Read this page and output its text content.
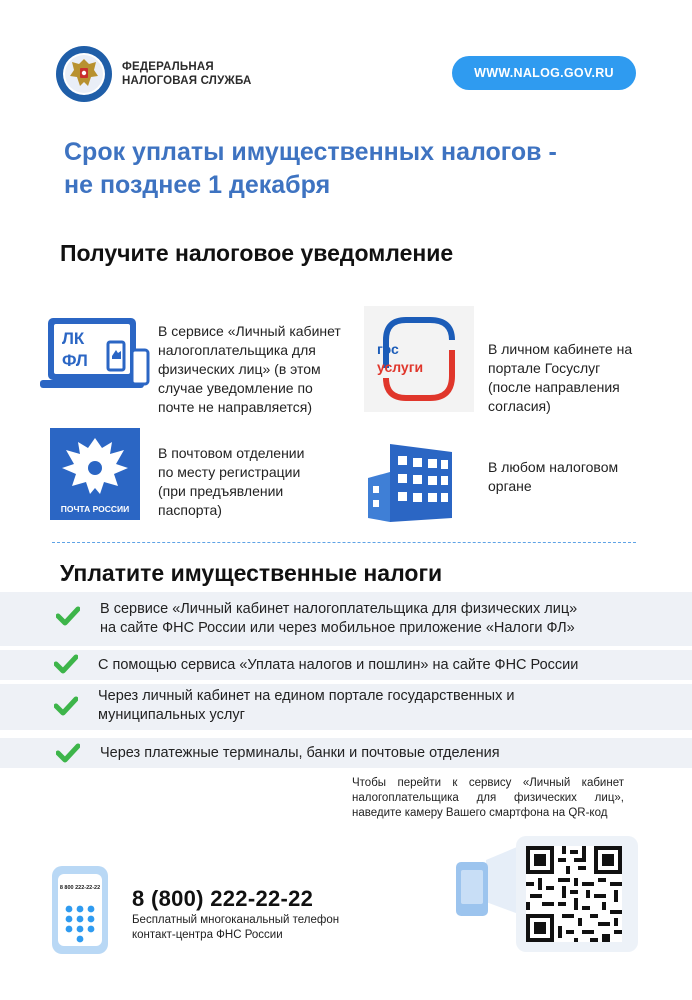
ФЕДЕРАЛЬНАЯ
НАЛОГОВАЯ СЛУЖБА
WWW.NALOG.GOV.RU
Срок уплаты имущественных налогов -
не позднее 1 декабря
Получите налоговое уведомление
ЛК
ФЛ
В сервисе «Личный кабинет
налогоплательщика для
физических лиц» (в этом
случае уведомление по
почте не направляется)
гос
услуги
В личном кабинете на
портале Госуслуг
(после направления
согласия)
ПОЧТА РОССИИ
В почтовом отделении
по месту регистрации
(при предъявлении
паспорта)
В любом налоговом
органе
Уплатите имущественные налоги
В сервисе «Личный кабинет налогоплательщика для физических лиц»
на сайте ФНС России или через мобильное приложение «Налоги ФЛ»
С помощью сервиса «Уплата налогов и пошлин» на сайте ФНС России
Через личный кабинет на едином портале государственных и
муниципальных услуг
Через платежные терминалы, банки и почтовые отделения
Чтобы перейти к сервису «Личный кабинет налогоплательщика для физических лиц», наведите камеру Вашего смартфона на QR-код
8 800 222-22-22 8 (800) 222-22-22
Бесплатный многоканальный телефон
контакт-центра ФНС России
